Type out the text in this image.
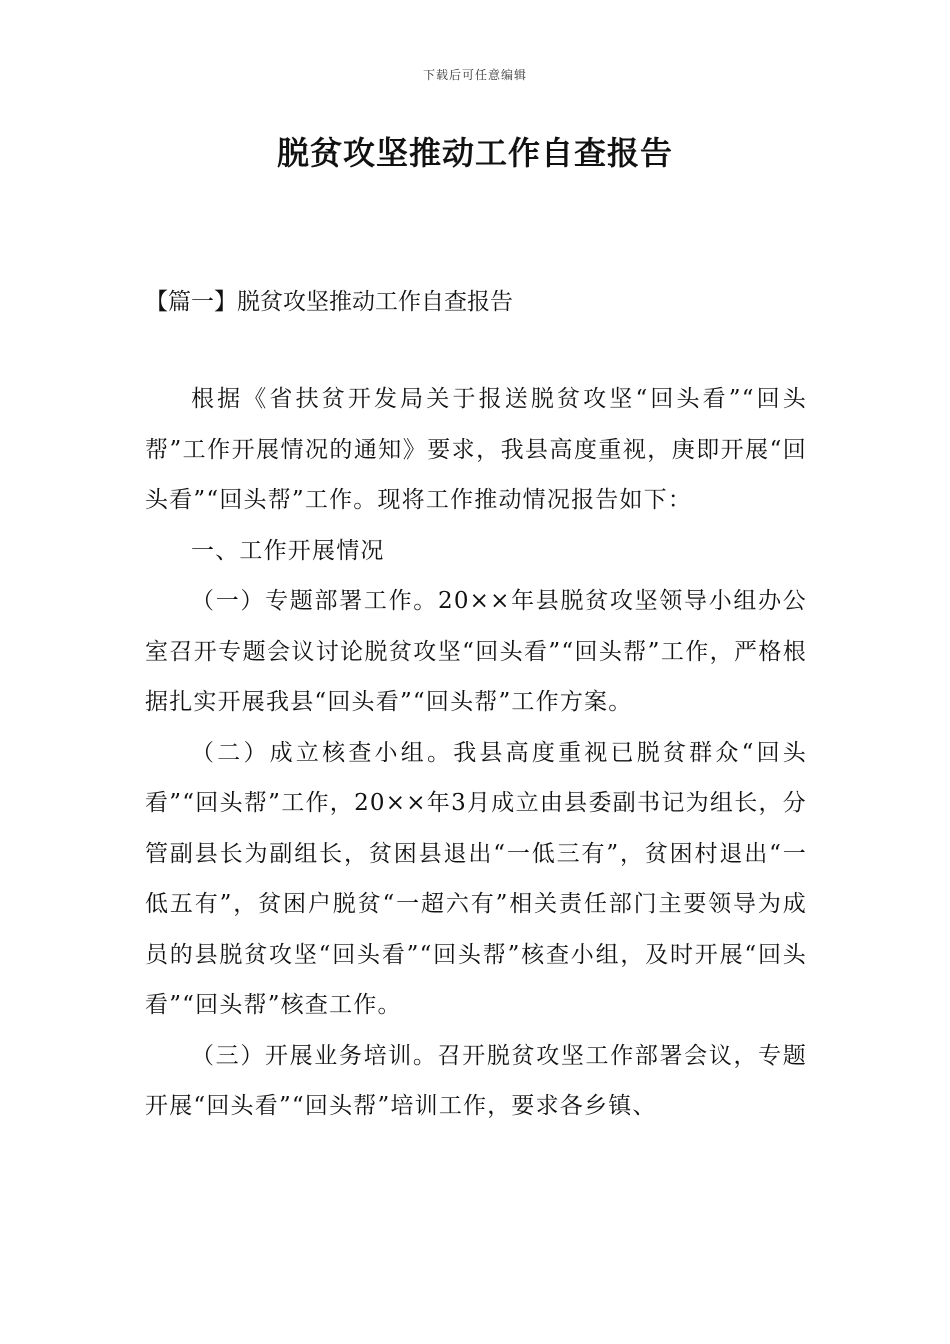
下载后可任意编辑
脱贫攻坚推动工作自查报告
【篇一】脱贫攻坚推动工作自查报告

根据《省扶贫开发局关于报送脱贫攻坚“回头看”“回头帮”工作开展情况的通知》要求，我县高度重视，庚即开展“回头看”“回头帮”工作。现将工作推动情况报告如下：

一、工作开展情况

（一）专题部署工作。20××年县脱贫攻坚领导小组办公室召开专题会议讨论脱贫攻坚“回头看”“回头帮”工作，严格根据扎实开展我县“回头看”“回头帮”工作方案。

（二）成立核查小组。我县高度重视已脱贫群众“回头看”“回头帮”工作，20××年3月成立由县委副书记为组长，分管副县长为副组长，贫困县退出“一低三有”，贫困村退出“一低五有”，贫困户脱贫“一超六有”相关责任部门主要领导为成员的县脱贫攻坚“回头看”“回头帮”核查小组，及时开展“回头看”“回头帮”核查工作。

（三）开展业务培训。召开脱贫攻坚工作部署会议，专题开展“回头看”“回头帮”培训工作，要求各乡镇、
